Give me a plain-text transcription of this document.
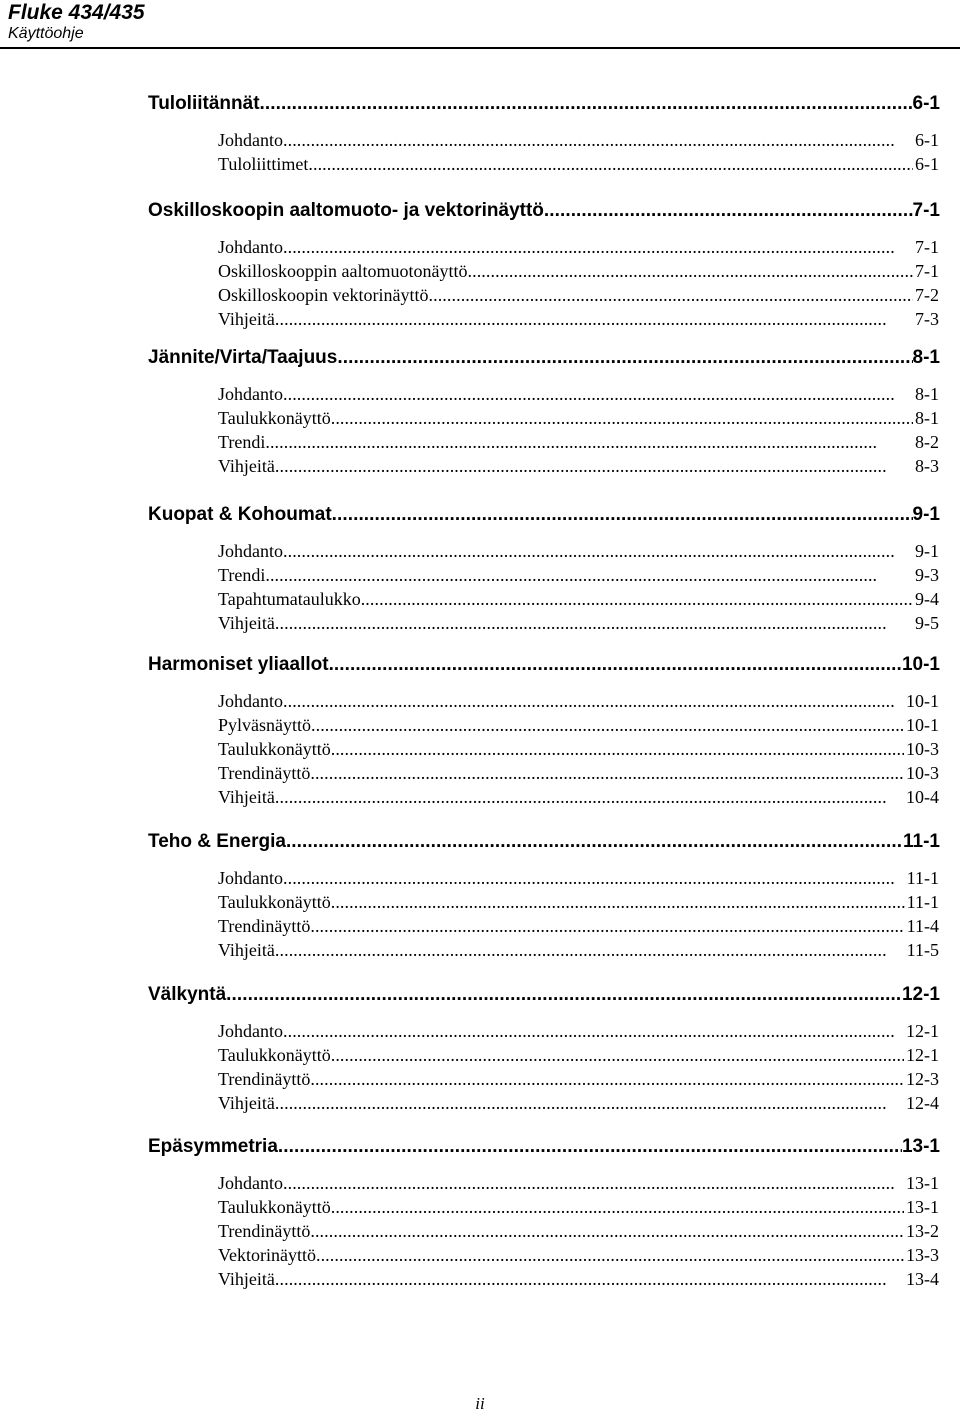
Fluke 434/435
Käyttöohje
Tuloliitännät . . .	6-1
Johdanto . . .	6-1
Tuloliittimet . . .	6-1
Oskilloskoopin aaltomuoto- ja vektorinäyttö . . .	7-1
Johdanto . . .	7-1
Oskilloskooppin aaltomuotonäyttö . . .	7-1
Oskilloskoopin vektorinäyttö . . .	7-2
Vihjeitä . . .	7-3
Jännite/Virta/Taajuus . . .	8-1
Johdanto . . .	8-1
Taulukkonäyttö . . .	8-1
Trendi . . .	8-2
Vihjeitä . . .	8-3
Kuopat & Kohoumat . . .	9-1
Johdanto . . .	9-1
Trendi . . .	9-3
Tapahtumataulukko . . .	9-4
Vihjeitä . . .	9-5
Harmoniset yliaallot . . .	10-1
Johdanto . . .	10-1
Pylväsnäyttö . . .	10-1
Taulukkonäyttö . . .	10-3
Trendinäyttö . . .	10-3
Vihjeitä . . .	10-4
Teho & Energia . . .	11-1
Johdanto . . .	11-1
Taulukkonäyttö . . .	11-1
Trendinäyttö . . .	11-4
Vihjeitä . . .	11-5
Välkyntä . . .	12-1
Johdanto . . .	12-1
Taulukkonäyttö . . .	12-1
Trendinäyttö . . .	12-3
Vihjeitä . . .	12-4
Epäsymmetria . . .	13-1
Johdanto . . .	13-1
Taulukkonäyttö . . .	13-1
Trendinäyttö . . .	13-2
Vektorinäyttö . . .	13-3
Vihjeitä . . .	13-4
ii
